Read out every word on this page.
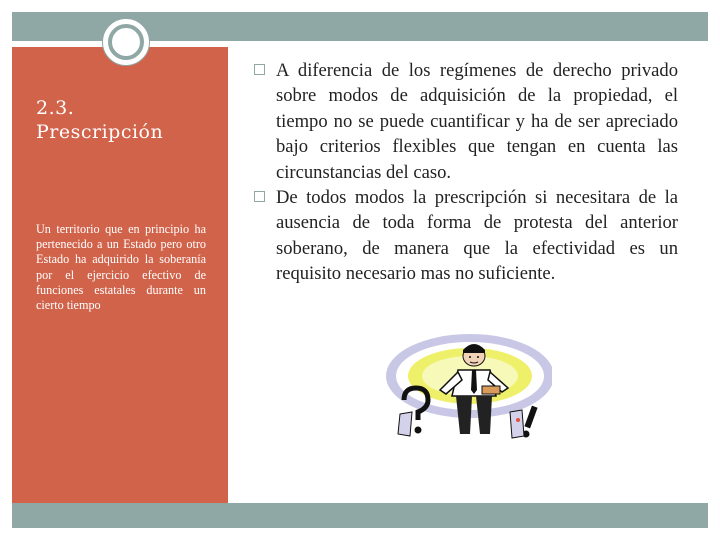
2.3.
Prescripción

Un territorio que en principio ha pertenecido a un Estado pero otro Estado ha adquirido la soberanía por el ejercicio efectivo de funciones estatales durante un cierto tiempo

A diferencia de los regímenes de derecho privado sobre modos de adquisición de la propiedad, el tiempo no se puede cuantificar y ha de ser apreciado bajo criterios flexibles que tengan en cuenta las circunstancias del caso.
De todos modos la prescripción si necesitara de la ausencia de toda forma de protesta del anterior soberano, de manera que la efectividad es un requisito necesario mas no suficiente.
